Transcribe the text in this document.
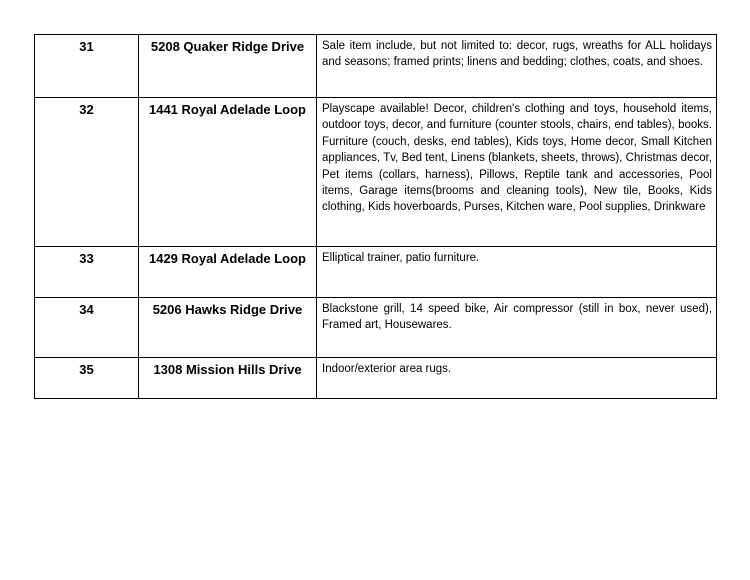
31	5208 Quaker Ridge Drive	Sale item include, but not limited to: decor, rugs, wreaths for ALL holidays and seasons; framed prints; linens and bedding; clothes, coats, and shoes.
32	1441 Royal Adelade Loop	Playscape available! Decor, children's clothing and toys, household items, outdoor toys, decor, and furniture (counter stools, chairs, end tables), books. Furniture (couch, desks, end tables), Kids toys, Home decor, Small Kitchen appliances, Tv, Bed tent, Linens (blankets, sheets, throws), Christmas decor, Pet items (collars, harness), Pillows, Reptile tank and accessories, Pool items, Garage items(brooms and cleaning tools), New tile, Books, Kids clothing, Kids hoverboards, Purses, Kitchen ware, Pool supplies, Drinkware
33	1429 Royal Adelade Loop	Elliptical trainer, patio furniture.
34	5206 Hawks Ridge Drive	Blackstone grill, 14 speed bike, Air compressor (still in box, never used), Framed art, Housewares.
35	1308 Mission Hills Drive	Indoor/exterior area rugs.
